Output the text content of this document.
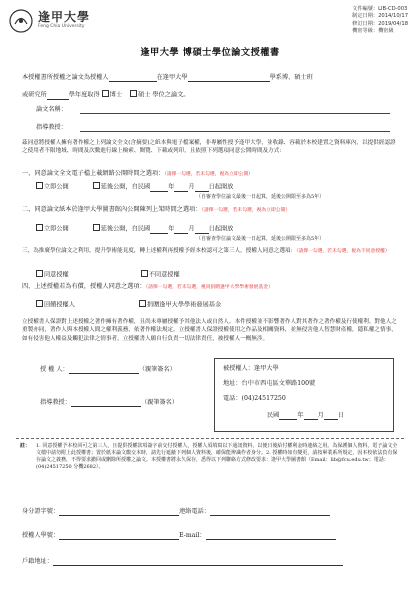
逢甲大學
Feng Chia University
文件編號：LIB-CD-003
制定日期：2014/10/17
修訂日期：2019/04/18
機密等級：機密級
逢甲大學 博碩士學位論文授權書
本授權書所授權之論文為授權人	在逢甲大學	學系博、碩士班
或研究所	學年度取得 博士	碩士 學位之論文。
論文名稱：
指導教授：
茲同意將授權人擁有著作權之上列論文全文(含摘要)之紙本與電子檔案權，非專屬性授予逢甲大學，並收錄、容載於本校建置之資料庫內，以提供經認證之使用者不限地域、時間及次數進行線上檢索、閱覽、下載或列印，且依照下列選項同意公開時間及方式：
一、同意論文全文電子檔上載網路公開時間之選項：（請擇一勾選，若未勾選，視為立即公開）
立即公開	延後公開，自民國	年 月 日起開放
（自審查學位論文最後一日起算，延後公開限至多為5年）
二、同意論文紙本於逢甲大學圖書館內公開陳列上架時間之選項：（請擇一勾選，若未勾選，視為立即公開）
立即公開	延後公開，自民國	年 月 日起開放
（自審查學位論文最後一日起算，延後公開限至多為5年）
三、為推廣學位論文之利用，提升學術能見度，轉上述權利再授權予經本校認可之第三人，授權人同意之選項：（請擇一勾選，若未勾選，視為不同意授權）
同意授權	不同意授權
四、上述授權若為有償，授權人同意之選項：（請擇一勾選，若未勾選，視同捐贈逢甲大學學術發展基金）
回饋授權人	捐贈逢甲大學學術發展基金
立授權書人保證對上述授權之著作擁有著作權，且尚未專屬授權予其他法人或自然人。本件授權並不影響著作人對其著作之著作權及行使權利。對他人之重製亦同，著作人與本授權人間之權利義務，依著作權法規定。立授權書人保證授權使用之作品及相關資料，並無侵害他人智慧財產權，隱私權之情事，如有侵害他人權益及觸犯法律之情事者，立授權書人願自行負責一切法律責任，被授權人一概無涉。
授 權 人：	（親筆簽名）
指導教授：	（親筆簽名）
被授權人：逢甲大學
地址：台中市西屯區文華路100號
電話：(04)24517250
民國	年 月 日
註： 1. 同意授權予本校同可之第三人，且提供授權款項簽字前交付授權人，授權人須填寫以下通訊資料，以便日後給付權利金時連絡之用。為保護個人資料，電子論文全文檔中請勿附上此授權書；置於紙本論文繳交本時，請先行遮蔽下列個人資料後，確保能辨識作者身分。2. 授權時如有變更，請按畢業系所規定，因本校依法負有保存論文之義務，不得要求撤回或刪除所授權之論文。本授權書將永久保存，悉得以下列聯絡方式修改要求：逢甲大學圖書館（Email：lib@fcu.edu.tw；電話：(04)24517250 分機2682）。
身分證字號：	連絡電話：
授權人學號：	E-mail：
戶籍地址：
